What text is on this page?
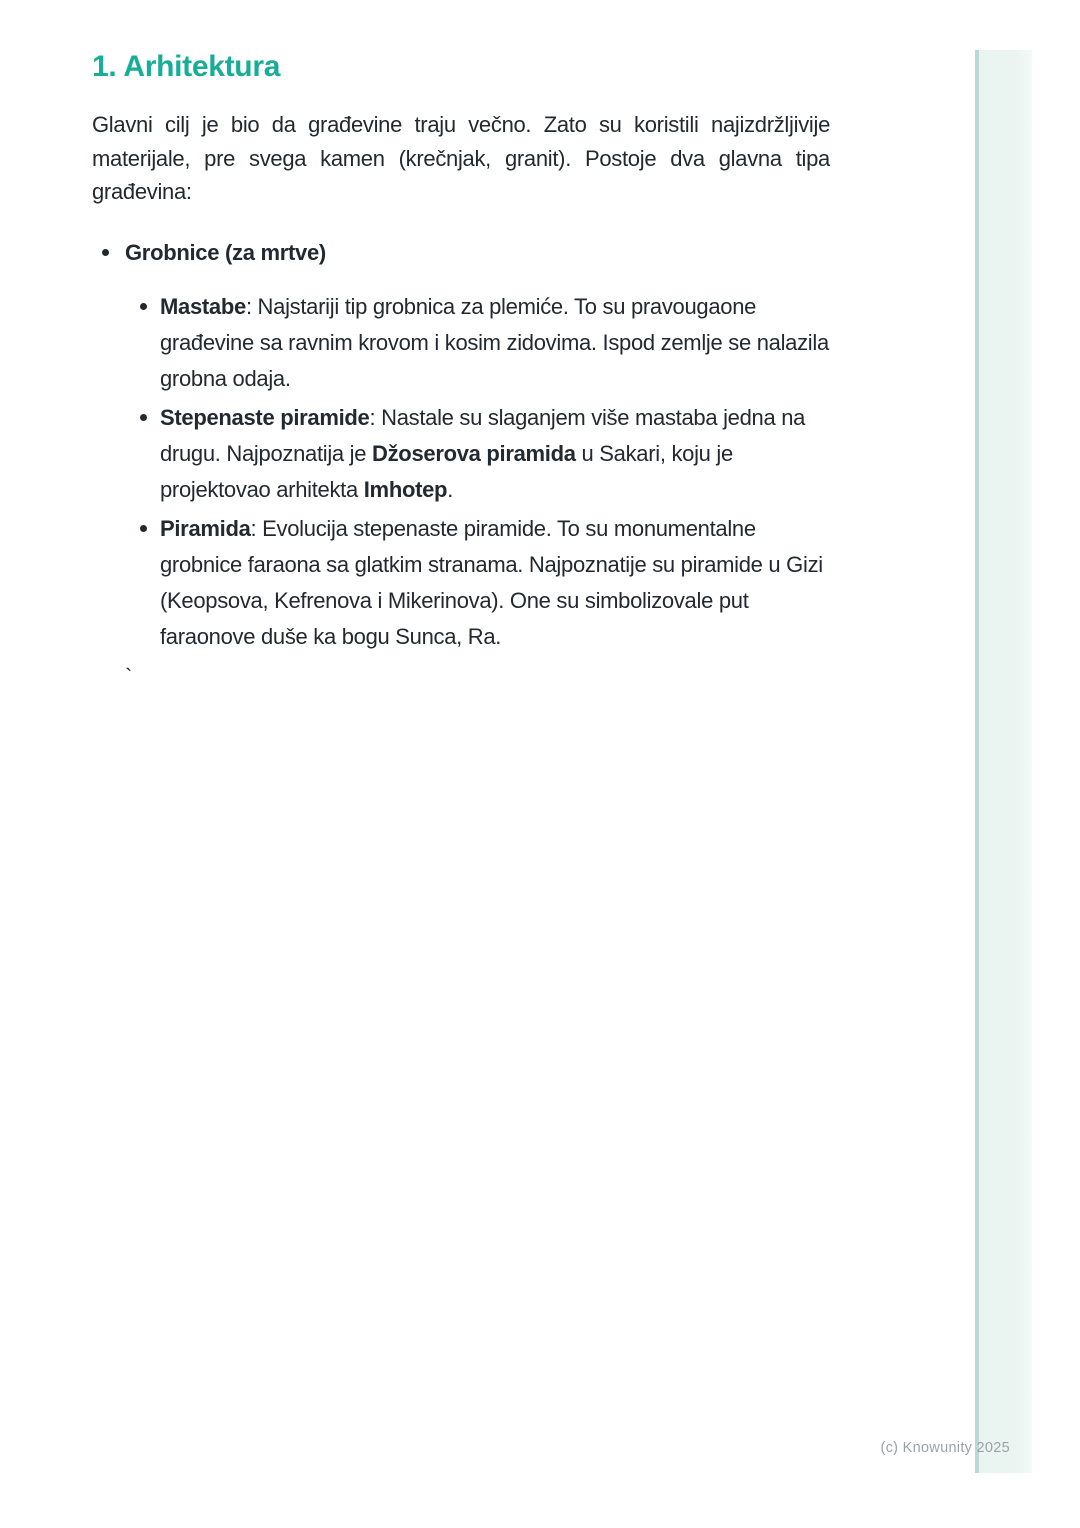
1. Arhitektura

Glavni cilj je bio da građevine traju večno. Zato su koristili najizdržljivije materijale, pre svega kamen (krečnjak, granit). Postoje dva glavna tipa građevina:

Grobnice (za mrtve)
Mastabe: Najstariji tip grobnica za plemiće. To su pravougaone građevine sa ravnim krovom i kosim zidovima. Ispod zemlje se nalazila grobna odaja.
Stepenaste piramide: Nastale su slaganjem više mastaba jedna na drugu. Najpoznatija je Džoserova piramida u Sakari, koju je projektovao arhitekta Imhotep.
Piramida: Evolucija stepenaste piramide. To su monumentalne grobnice faraona sa glatkim stranama. Najpoznatije su piramide u Gizi (Keopsova, Kefrenova i Mikerinova). One su simbolizovale put faraonove duše ka bogu Sunca, Ra.

`

(c) Knowunity 2025
